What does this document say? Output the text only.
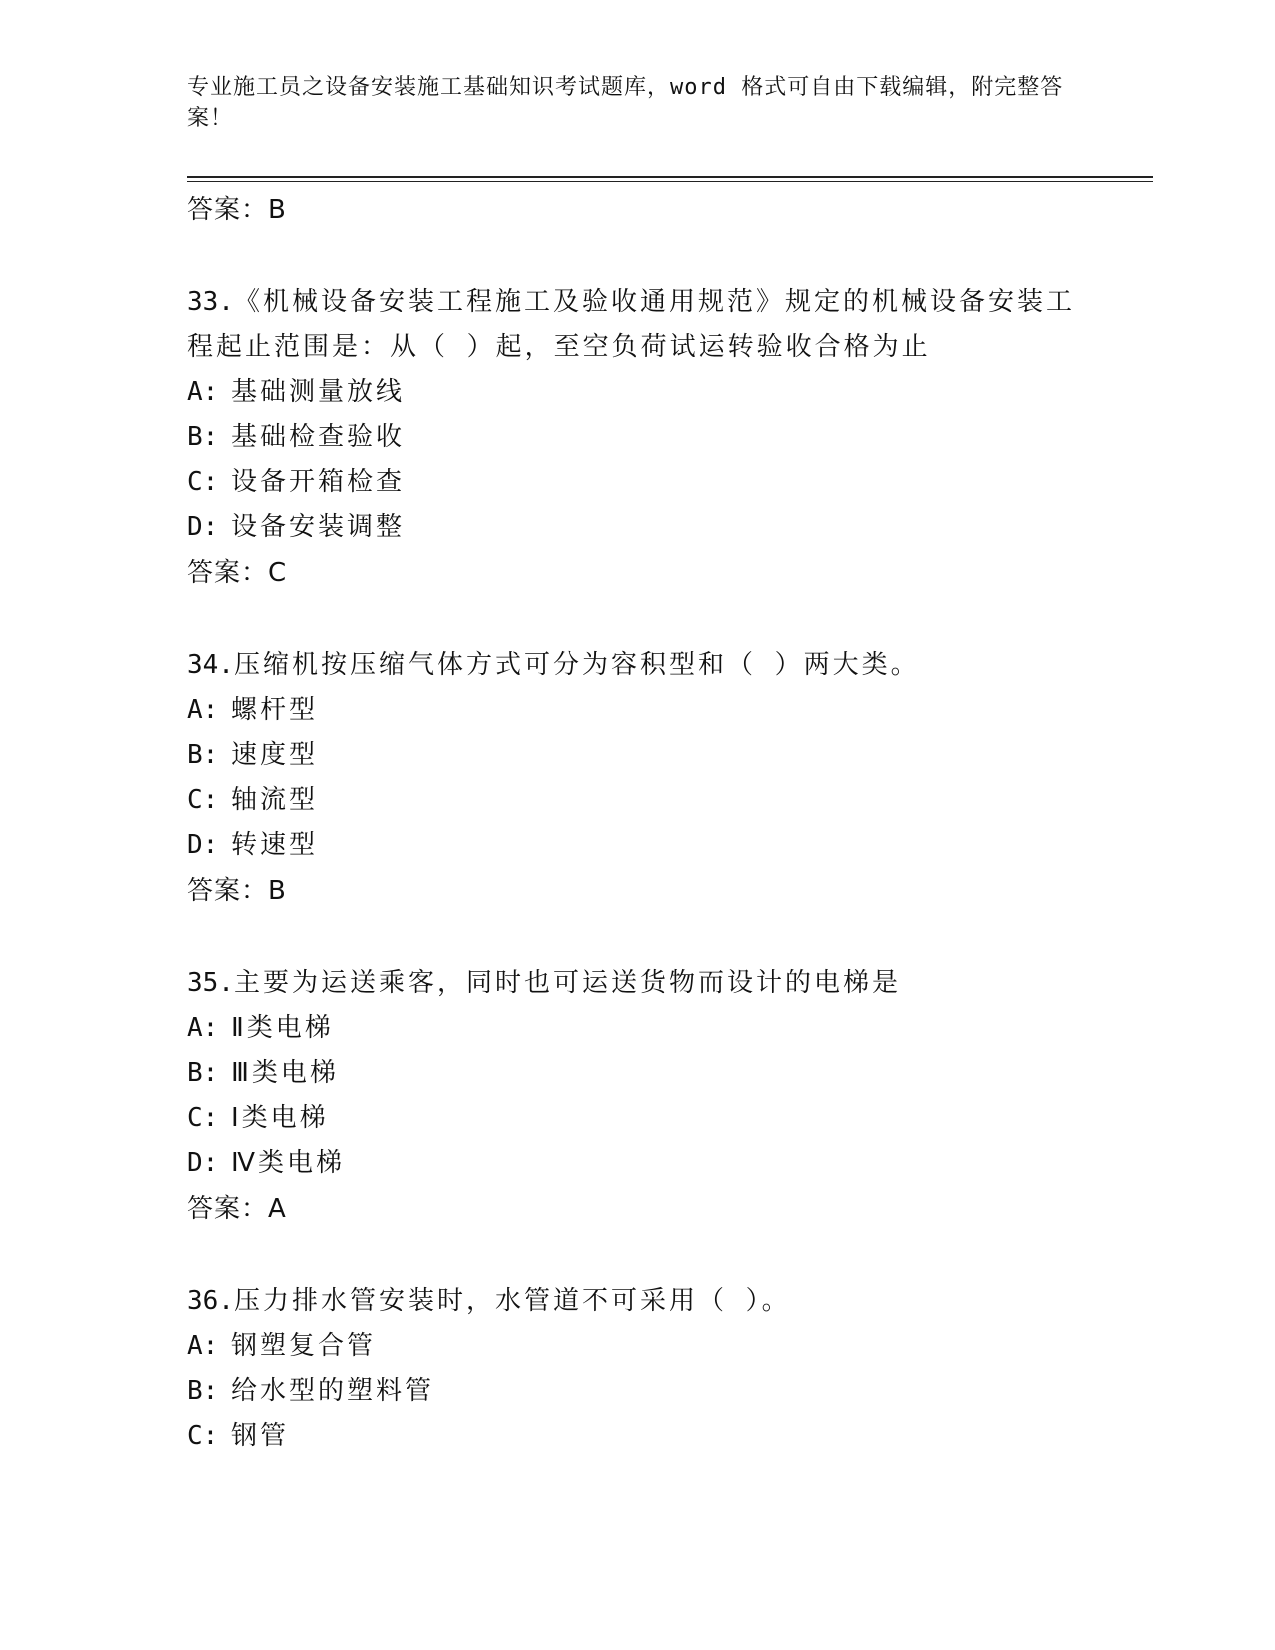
专业施工员之设备安装施工基础知识考试题库，word 格式可自由下载编辑，附完整答案！
答案：B
33.《机械设备安装工程施工及验收通用规范》规定的机械设备安装工程起止范围是：从（ ）起，至空负荷试运转验收合格为止
A: 基础测量放线
B: 基础检查验收
C: 设备开箱检查
D: 设备安装调整
答案：C
34.压缩机按压缩气体方式可分为容积型和（ ）两大类。
A: 螺杆型
B: 速度型
C: 轴流型
D: 转速型
答案：B
35.主要为运送乘客，同时也可运送货物而设计的电梯是
A: Ⅱ类电梯
B: Ⅲ类电梯
C: Ⅰ类电梯
D: Ⅳ类电梯
答案：A
36.压力排水管安装时，水管道不可采用（ ）。
A: 钢塑复合管
B: 给水型的塑料管
C: 钢管
